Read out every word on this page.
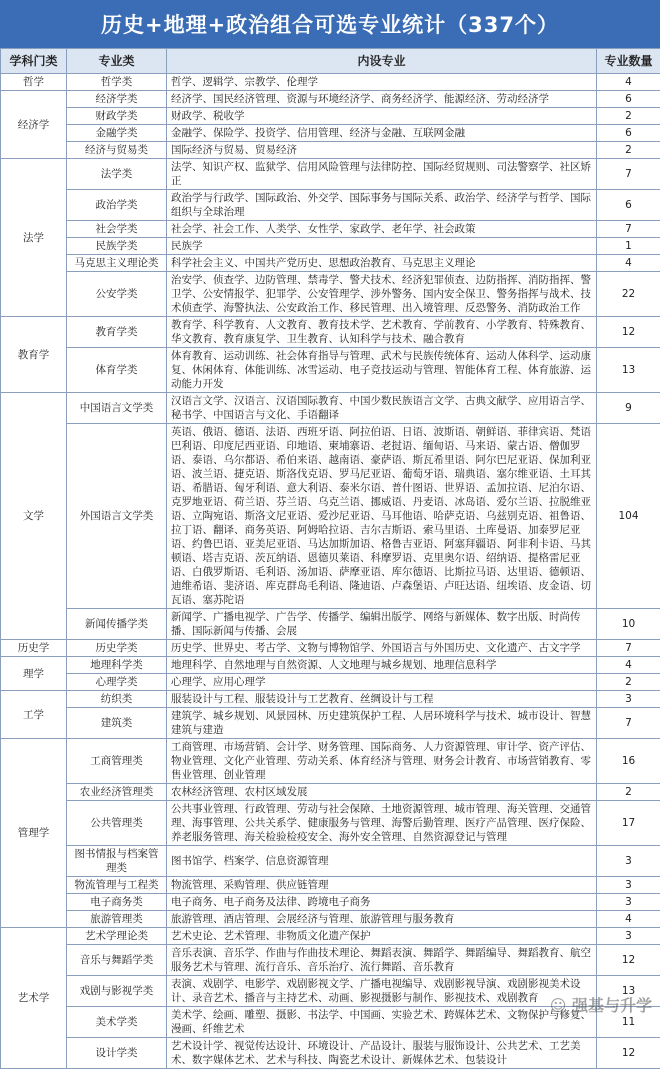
历史+地理+政治组合可选专业统计（337个）
学科门类	专业类	内设专业	专业数量
哲学	哲学类	哲学、逻辑学、宗教学、伦理学	4
经济学	经济学类	经济学、国民经济管理、资源与环境经济学、商务经济学、能源经济、劳动经济学	6
	财政学类	财政学、税收学	2
	金融学类	金融学、保险学、投资学、信用管理、经济与金融、互联网金融	6
	经济与贸易类	国际经济与贸易、贸易经济	2
法学	法学类	法学、知识产权、监狱学、信用风险管理与法律防控、国际经贸规则、司法警察学、社区矫正	7
	政治学类	政治学与行政学、国际政治、外交学、国际事务与国际关系、政治学、经济学与哲学、国际组织与全球治理	6
	社会学类	社会学、社会工作、人类学、女性学、家政学、老年学、社会政策	7
	民族学类	民族学	1
	马克思主义理论类	科学社会主义、中国共产党历史、思想政治教育、马克思主义理论	4
	公安学类	治安学、侦查学、边防管理、禁毒学、警犬技术、经济犯罪侦查、边防指挥、消防指挥、警卫学、公安情报学、犯罪学、公安管理学、涉外警务、国内安全保卫、警务指挥与战术、技术侦查学、海警执法、公安政治工作、移民管理、出入境管理、反恐警务、消防政治工作	22
教育学	教育学类	教育学、科学教育、人文教育、教育技术学、艺术教育、学前教育、小学教育、特殊教育、华文教育、教育康复学、卫生教育、认知科学与技术、融合教育	12
	体育学类	体育教育、运动训练、社会体育指导与管理、武术与民族传统体育、运动人体科学、运动康复、休闲体育、体能训练、冰雪运动、电子竞技运动与管理、智能体育工程、体育旅游、运动能力开发	13
文学	中国语言文学类	汉语言文学、汉语言、汉语国际教育、中国少数民族语言文学、古典文献学、应用语言学、秘书学、中国语言与文化、手语翻译	9
	外国语言文学类	英语、俄语、德语、法语、西班牙语、阿拉伯语、日语、波斯语、朝鲜语、菲律宾语、梵语巴利语、印度尼西亚语、印地语、柬埔寨语、老挝语、缅甸语、马来语、蒙古语、僧伽罗语、泰语、乌尔都语、希伯来语、越南语、豪萨语、斯瓦希里语、阿尔巴尼亚语、保加利亚语、波兰语、捷克语、斯洛伐克语、罗马尼亚语、葡萄牙语、瑞典语、塞尔维亚语、土耳其语、希腊语、匈牙利语、意大利语、泰米尔语、普什图语、世界语、孟加拉语、尼泊尔语、克罗地亚语、荷兰语、芬兰语、乌克兰语、挪威语、丹麦语、冰岛语、爱尔兰语、拉脱维亚语、立陶宛语、斯洛文尼亚语、爱沙尼亚语、马耳他语、哈萨克语、乌兹别克语、祖鲁语、拉丁语、翻译、商务英语、阿姆哈拉语、吉尔吉斯语、索马里语、土库曼语、加泰罗尼亚语、约鲁巴语、亚美尼亚语、马达加斯加语、格鲁吉亚语、阿塞拜疆语、阿非利卡语、马其顿语、塔吉克语、茨瓦纳语、恩德贝莱语、科摩罗语、克里奥尔语、绍纳语、提格雷尼亚语、白俄罗斯语、毛利语、汤加语、萨摩亚语、库尔德语、比斯拉马语、达里语、德顿语、迪维希语、斐济语、库克群岛毛利语、隆迪语、卢森堡语、卢旺达语、纽埃语、皮金语、切瓦语、塞苏陀语	104
	新闻传播学类	新闻学、广播电视学、广告学、传播学、编辑出版学、网络与新媒体、数字出版、时尚传播、国际新闻与传播、会展	10
历史学	历史学类	历史学、世界史、考古学、文物与博物馆学、外国语言与外国历史、文化遗产、古文字学	7
理学	地理科学类	地理科学、自然地理与自然资源、人文地理与城乡规划、地理信息科学	4
	心理学类	心理学、应用心理学	2
工学	纺织类	服装设计与工程、服装设计与工艺教育、丝绸设计与工程	3
	建筑类	建筑学、城乡规划、风景园林、历史建筑保护工程、人居环境科学与技术、城市设计、智慧建筑与建造	7
管理学	工商管理类	工商管理、市场营销、会计学、财务管理、国际商务、人力资源管理、审计学、资产评估、物业管理、文化产业管理、劳动关系、体育经济与管理、财务会计教育、市场营销教育、零售业管理、创业管理	16
	农业经济管理类	农林经济管理、农村区域发展	2
	公共管理类	公共事业管理、行政管理、劳动与社会保障、土地资源管理、城市管理、海关管理、交通管理、海事管理、公共关系学、健康服务与管理、海警后勤管理、医疗产品管理、医疗保险、养老服务管理、海关检验检疫安全、海外安全管理、自然资源登记与管理	17
	图书情报与档案管理类	图书馆学、档案学、信息资源管理	3
	物流管理与工程类	物流管理、采购管理、供应链管理	3
	电子商务类	电子商务、电子商务及法律、跨境电子商务	3
	旅游管理类	旅游管理、酒店管理、会展经济与管理、旅游管理与服务教育	4
艺术学	艺术学理论类	艺术史论、艺术管理、非物质文化遗产保护	3
	音乐与舞蹈学类	音乐表演、音乐学、作曲与作曲技术理论、舞蹈表演、舞蹈学、舞蹈编导、舞蹈教育、航空服务艺术与管理、流行音乐、音乐治疗、流行舞蹈、音乐教育	12
	戏剧与影视学类	表演、戏剧学、电影学、戏剧影视文学、广播电视编导、戏剧影视导演、戏剧影视美术设计、录音艺术、播音与主持艺术、动画、影视摄影与制作、影视技术、戏剧教育	13
	美术学类	美术学、绘画、雕塑、摄影、书法学、中国画、实验艺术、跨媒体艺术、文物保护与修复、漫画、纤维艺术	11
	设计学类	艺术设计学、视觉传达设计、环境设计、产品设计、服装与服饰设计、公共艺术、工艺美术、数字媒体艺术、艺术与科技、陶瓷艺术设计、新媒体艺术、包装设计	12
☺ 强基与升学
